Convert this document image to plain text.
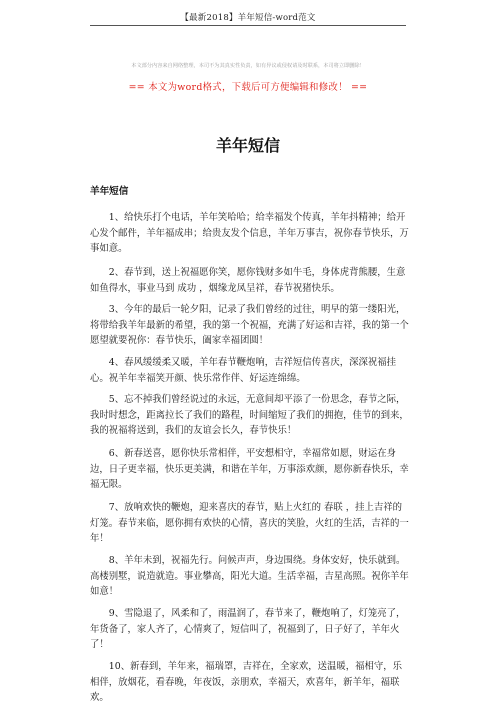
【最新2018】羊年短信-word范文
本文部分内容来自网络整理，本司不为其真实性负责，如有异议或侵权请及时联系，本司将立即删除！
== 本文为word格式，下载后可方便编辑和修改！ ==
羊年短信
羊年短信

1、给快乐打个电话，羊年笑哈哈；给幸福发个传真，羊年抖精神；给开心发个邮件，羊年福成串；给贵友发个信息，羊年万事吉，祝你春节快乐，万事如意。

2、春节到，送上祝福愿你笑，愿你钱财多如牛毛，身体虎背熊腰，生意如鱼得水，事业马到 成功 ，烟缘龙凤呈祥，春节祝猪快乐。

3、今年的最后一轮夕阳，记录了我们曾经的过往，明早的第一缕阳光，将带给我羊年最新的希望，我的第一个祝福，充满了好运和吉祥，我的第一个愿望就要祝你：春节快乐，阖家幸福团圆！

4、春风缓缓柔又暖，羊年春节鞭炮响，吉祥短信传喜庆，深深祝福挂心。祝羊年幸福笑开颜、快乐常作伴、好运连绵绵。

5、忘不掉我们曾经说过的永远，无意间却平添了一份思念，春节之际，我时时想念，距离拉长了我们的路程，时间缩短了我们的拥抱，佳节的到来，我的祝福将送到，我们的友谊会长久，春节快乐！

6、新春送喜，愿你快乐常相伴，平安想相守，幸福常如愿，财运在身边，日子更幸福，快乐更美满，和谐在羊年，万事添欢颜，愿你新春快乐，幸福无限。

7、放响欢快的鞭炮，迎来喜庆的春节，贴上火红的 春联 ，挂上吉祥的灯笼。春节来临，愿你拥有欢快的心情，喜庆的笑脸，火红的生活，吉祥的一年！

8、羊年未到，祝福先行。问候声声，身边围绕。身体安好，快乐就到。高楼别墅，说造就造。事业攀高，阳光大道。生活幸福，吉星高照。祝你羊年如意！

9、雪隐退了，风柔和了，雨温润了，春节来了，鞭炮响了，灯笼亮了，年货备了，家人齐了，心情爽了，短信叫了，祝福到了，日子好了，羊年火了！

10、新春到，羊年来，福瑞罩，吉祥在，全家欢，送温暖，福相守，乐相伴，放烟花，看春晚，年夜饭，亲朋欢，幸福天，欢喜年，新羊年，福联欢。
